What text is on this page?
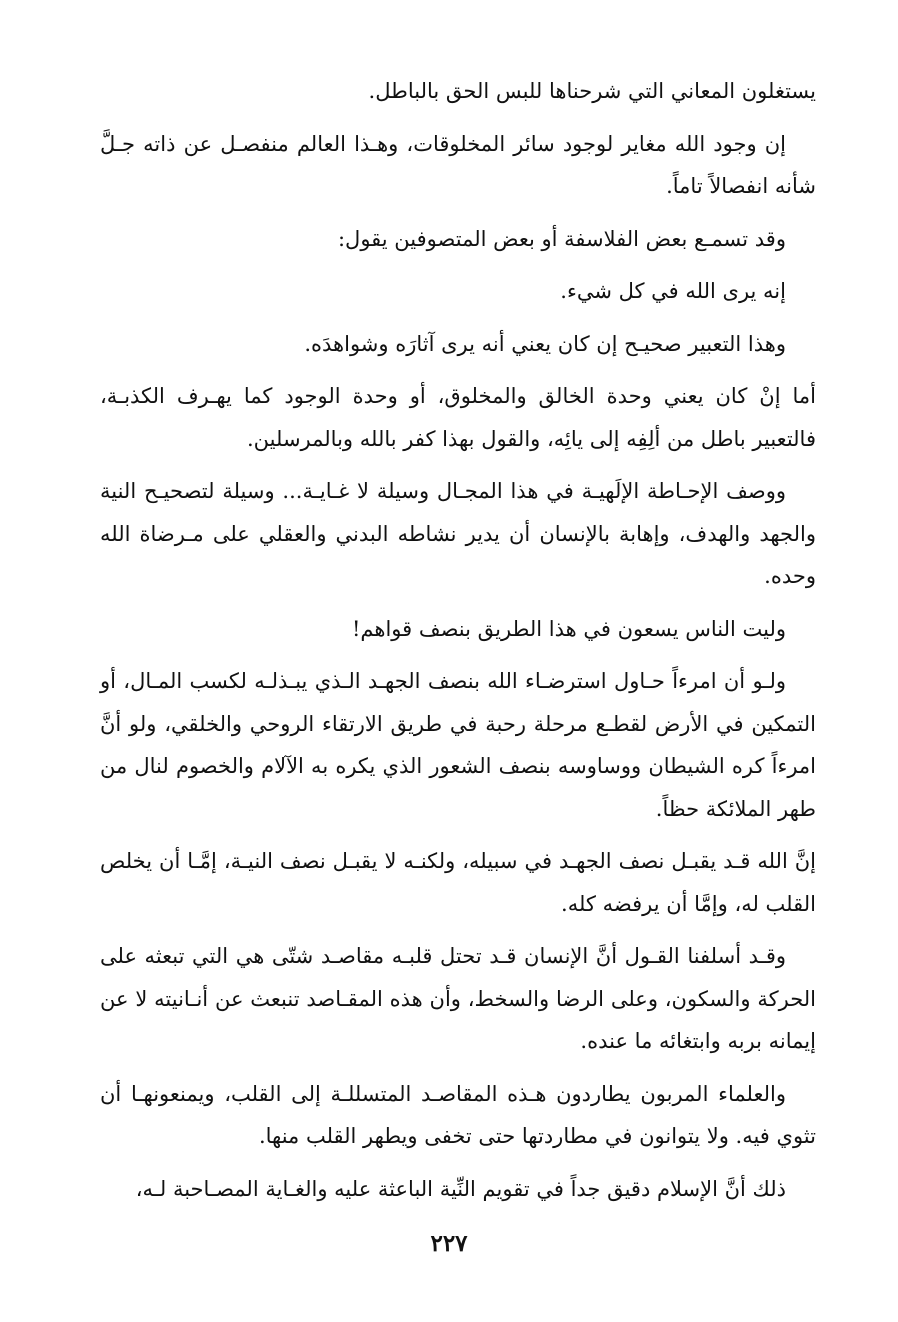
يستغلون المعاني التي شرحناها للبس الحق بالباطل.

إن وجود الله مغاير لوجود سائر المخلوقات، وهـذا العالم منفصـل عن ذاته جـلَّ شأنه انفصالاً تاماً.

وقد تسمـع بعض الفلاسفة أو بعض المتصوفين يقول:

إنه يرى الله في كل شيء.

وهذا التعبير صحيـح إن كان يعني أنه يرى آثارَه وشواهدَه.

أما إنْ كان يعني وحدة الخالق والمخلوق، أو وحدة الوجود كما يهـرف الكذبـة، فالتعبير باطل من ألِفِه إلى يائِه، والقول بهذا كفر بالله وبالمرسلين.

ووصف الإحـاطة الإلَهيـة في هذا المجـال وسيلة لا غـايـة... وسيلة لتصحيـح النية والجهد والهدف، وإهابة بالإنسان أن يدير نشاطه البدني والعقلي على مـرضاة الله وحده.

وليت الناس يسعون في هذا الطريق بنصف قواهم!

ولـو أن امرءاً حـاول استرضـاء الله بنصف الجهـد الـذي يبـذلـه لكسب المـال، أو التمكين في الأرض لقطـع مرحلة رحبة في طريق الارتقاء الروحي والخلقي، ولو أنَّ امرءاً كره الشيطان ووساوسه بنصف الشعور الذي يكره به الآلام والخصوم لنال من طهر الملائكة حظاً.

إنَّ الله قـد يقبـل نصف الجهـد في سبيله، ولكنـه لا يقبـل نصف النيـة، إمَّـا أن يخلص القلب له، وإمَّا أن يرفضه كله.

وقـد أسلفنا القـول أنَّ الإنسان قـد تحتل قلبـه مقاصـد شتّى هي التي تبعثه على الحركة والسكون، وعلى الرضا والسخط، وأن هذه المقـاصد تنبعث عن أنـانيته لا عن إيمانه بربه وابتغائه ما عنده.

والعلماء المربون يطاردون هـذه المقاصـد المتسللـة إلى القلب، ويمنعونهـا أن تثوي فيه. ولا يتوانون في مطاردتها حتى تخفى ويطهر القلب منها.

ذلك أنَّ الإسلام دقيق جداً في تقويم النِّية الباعثة عليه والغـاية المصـاحبة لـه،

٢٢٧
